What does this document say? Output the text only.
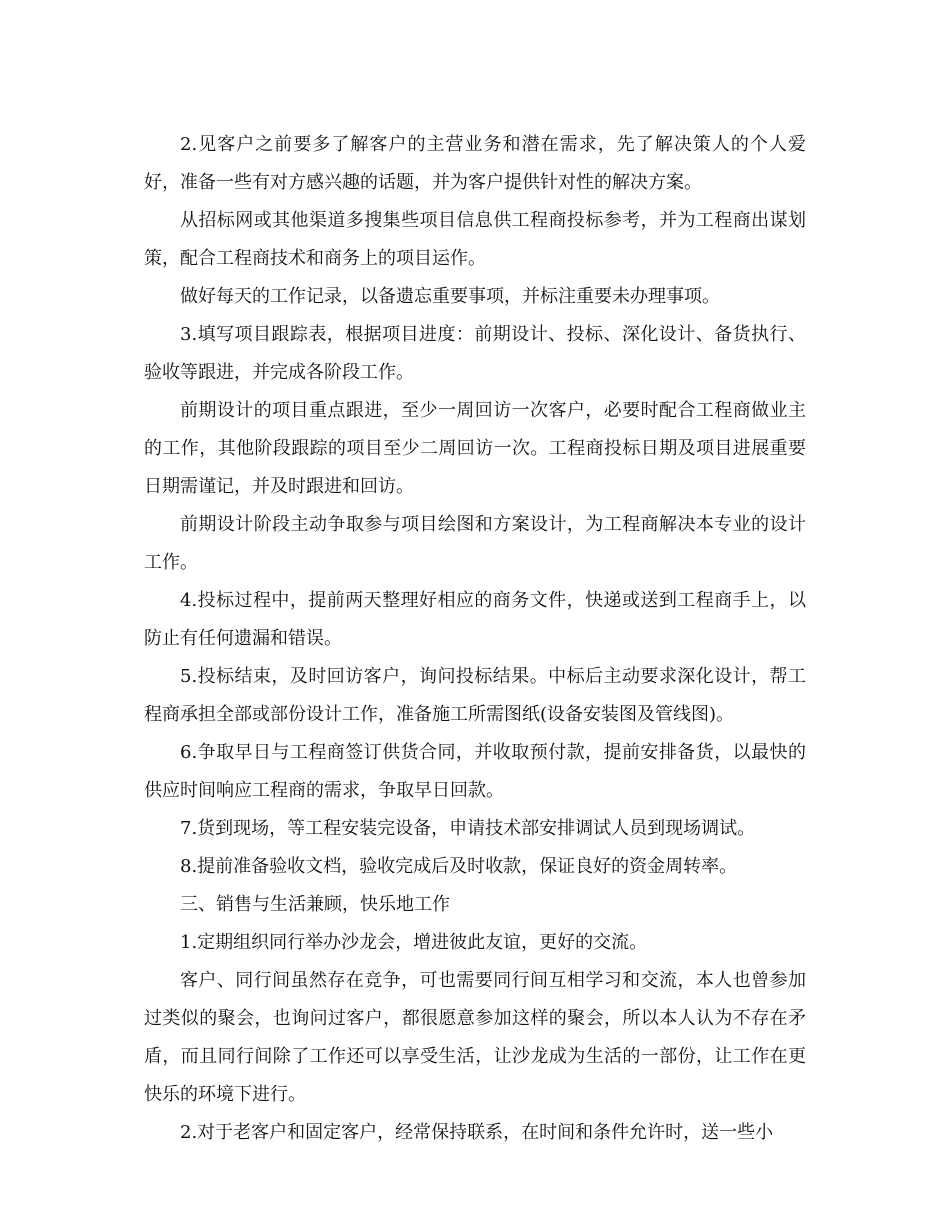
2.见客户之前要多了解客户的主营业务和潜在需求，先了解决策人的个人爱好，准备一些有对方感兴趣的话题，并为客户提供针对性的解决方案。

从招标网或其他渠道多搜集些项目信息供工程商投标参考，并为工程商出谋划策，配合工程商技术和商务上的项目运作。

做好每天的工作记录，以备遗忘重要事项，并标注重要未办理事项。

3.填写项目跟踪表，根据项目进度：前期设计、投标、深化设计、备货执行、验收等跟进，并完成各阶段工作。

前期设计的项目重点跟进，至少一周回访一次客户，必要时配合工程商做业主的工作，其他阶段跟踪的项目至少二周回访一次。工程商投标日期及项目进展重要日期需谨记，并及时跟进和回访。

前期设计阶段主动争取参与项目绘图和方案设计，为工程商解决本专业的设计工作。

4.投标过程中，提前两天整理好相应的商务文件，快递或送到工程商手上，以防止有任何遗漏和错误。

5.投标结束，及时回访客户，询问投标结果。中标后主动要求深化设计，帮工程商承担全部或部份设计工作，准备施工所需图纸(设备安装图及管线图)。

6.争取早日与工程商签订供货合同，并收取预付款，提前安排备货，以最快的供应时间响应工程商的需求，争取早日回款。

7.货到现场，等工程安装完设备，申请技术部安排调试人员到现场调试。

8.提前准备验收文档，验收完成后及时收款，保证良好的资金周转率。

三、销售与生活兼顾，快乐地工作

1.定期组织同行举办沙龙会，增进彼此友谊，更好的交流。

客户、同行间虽然存在竞争，可也需要同行间互相学习和交流，本人也曾参加过类似的聚会，也询问过客户，都很愿意参加这样的聚会，所以本人认为不存在矛盾，而且同行间除了工作还可以享受生活，让沙龙成为生活的一部份，让工作在更快乐的环境下进行。

2.对于老客户和固定客户，经常保持联系，在时间和条件允许时，送一些小
